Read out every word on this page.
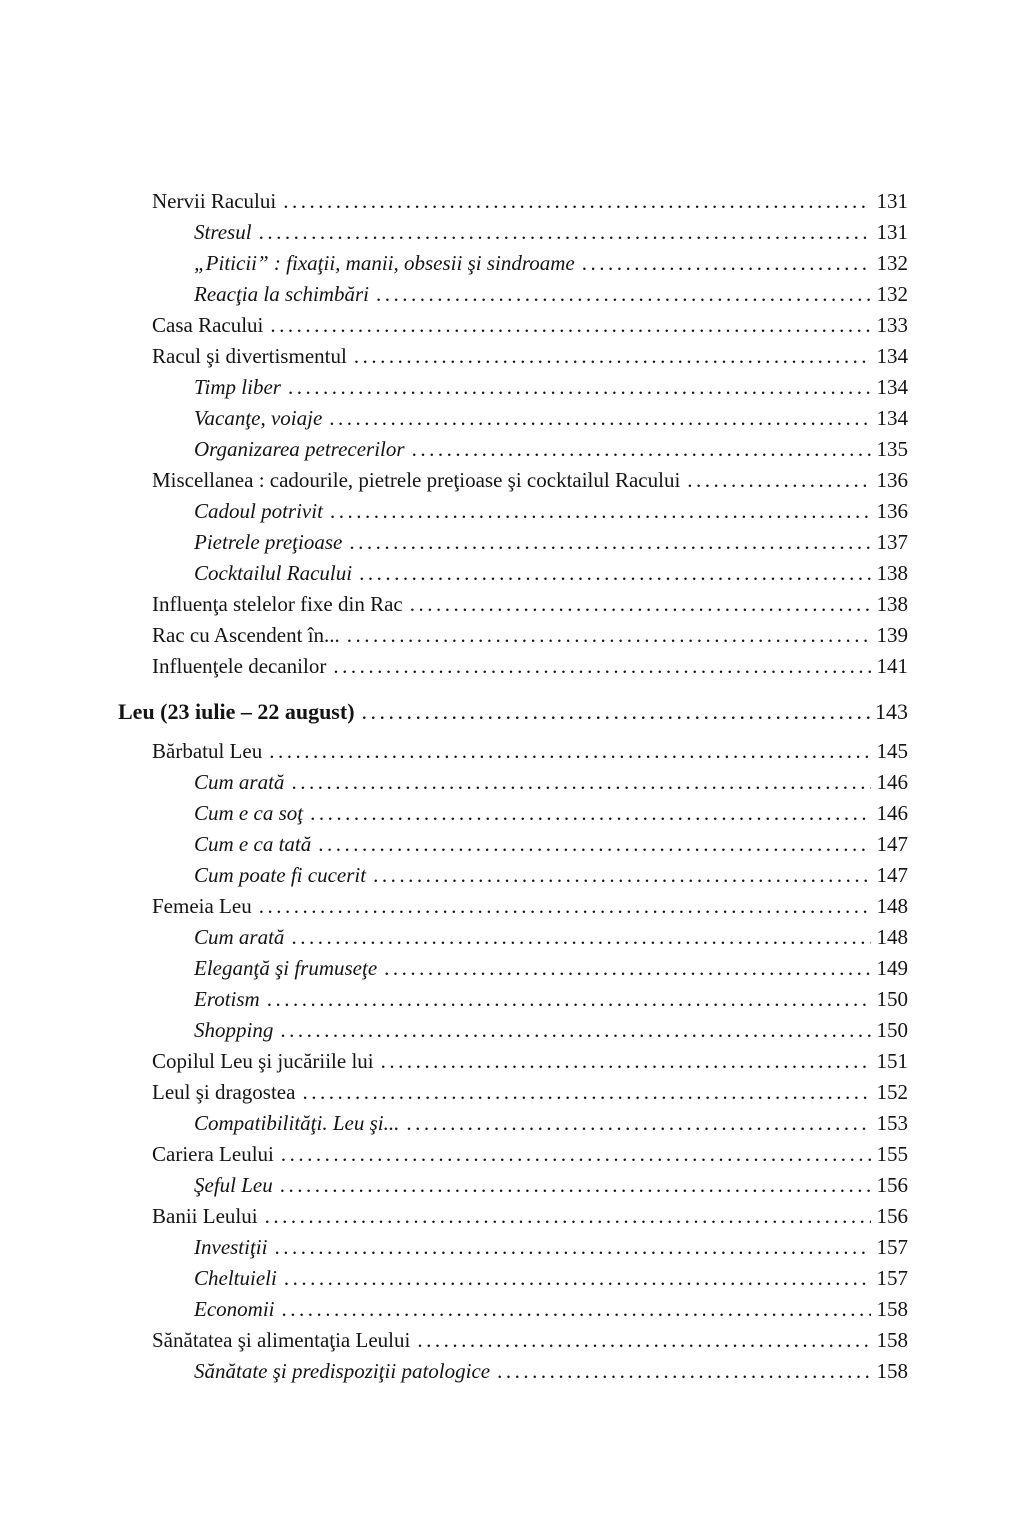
Nervii Racului .....	131
Stresul .....	131
„Piticii” : fixaţii, manii, obsesii şi sindroame .....	132
Reacţia la schimbări .....	132
Casa Racului .....	133
Racul şi divertismentul .....	134
Timp liber .....	134
Vacanţe, voiaje .....	134
Organizarea petrecerilor .....	135
Miscellanea : cadourile, pietrele preţioase şi cocktailul Racului .....	136
Cadoul potrivit .....	136
Pietrele preţioase .....	137
Cocktailul Racului .....	138
Influenţa stelelor fixe din Rac .....	138
Rac cu Ascendent în... .....	139
Influenţele decanilor .....	141
Leu (23 iulie – 22 august) .....	143
Bărbatul Leu .....	145
Cum arată .....	146
Cum e ca soţ .....	146
Cum e ca tată .....	147
Cum poate fi cucerit .....	147
Femeia Leu .....	148
Cum arată .....	148
Eleganţă şi frumuseţe .....	149
Erotism .....	150
Shopping .....	150
Copilul Leu şi jucăriile lui .....	151
Leul şi dragostea .....	152
Compatibilităţi. Leu şi... .....	153
Cariera Leului .....	155
Şeful Leu .....	156
Banii Leului .....	156
Investiţii .....	157
Cheltuieli .....	157
Economii .....	158
Sănătatea şi alimentaţia Leului .....	158
Sănătate şi predispoziţii patologice .....	158
